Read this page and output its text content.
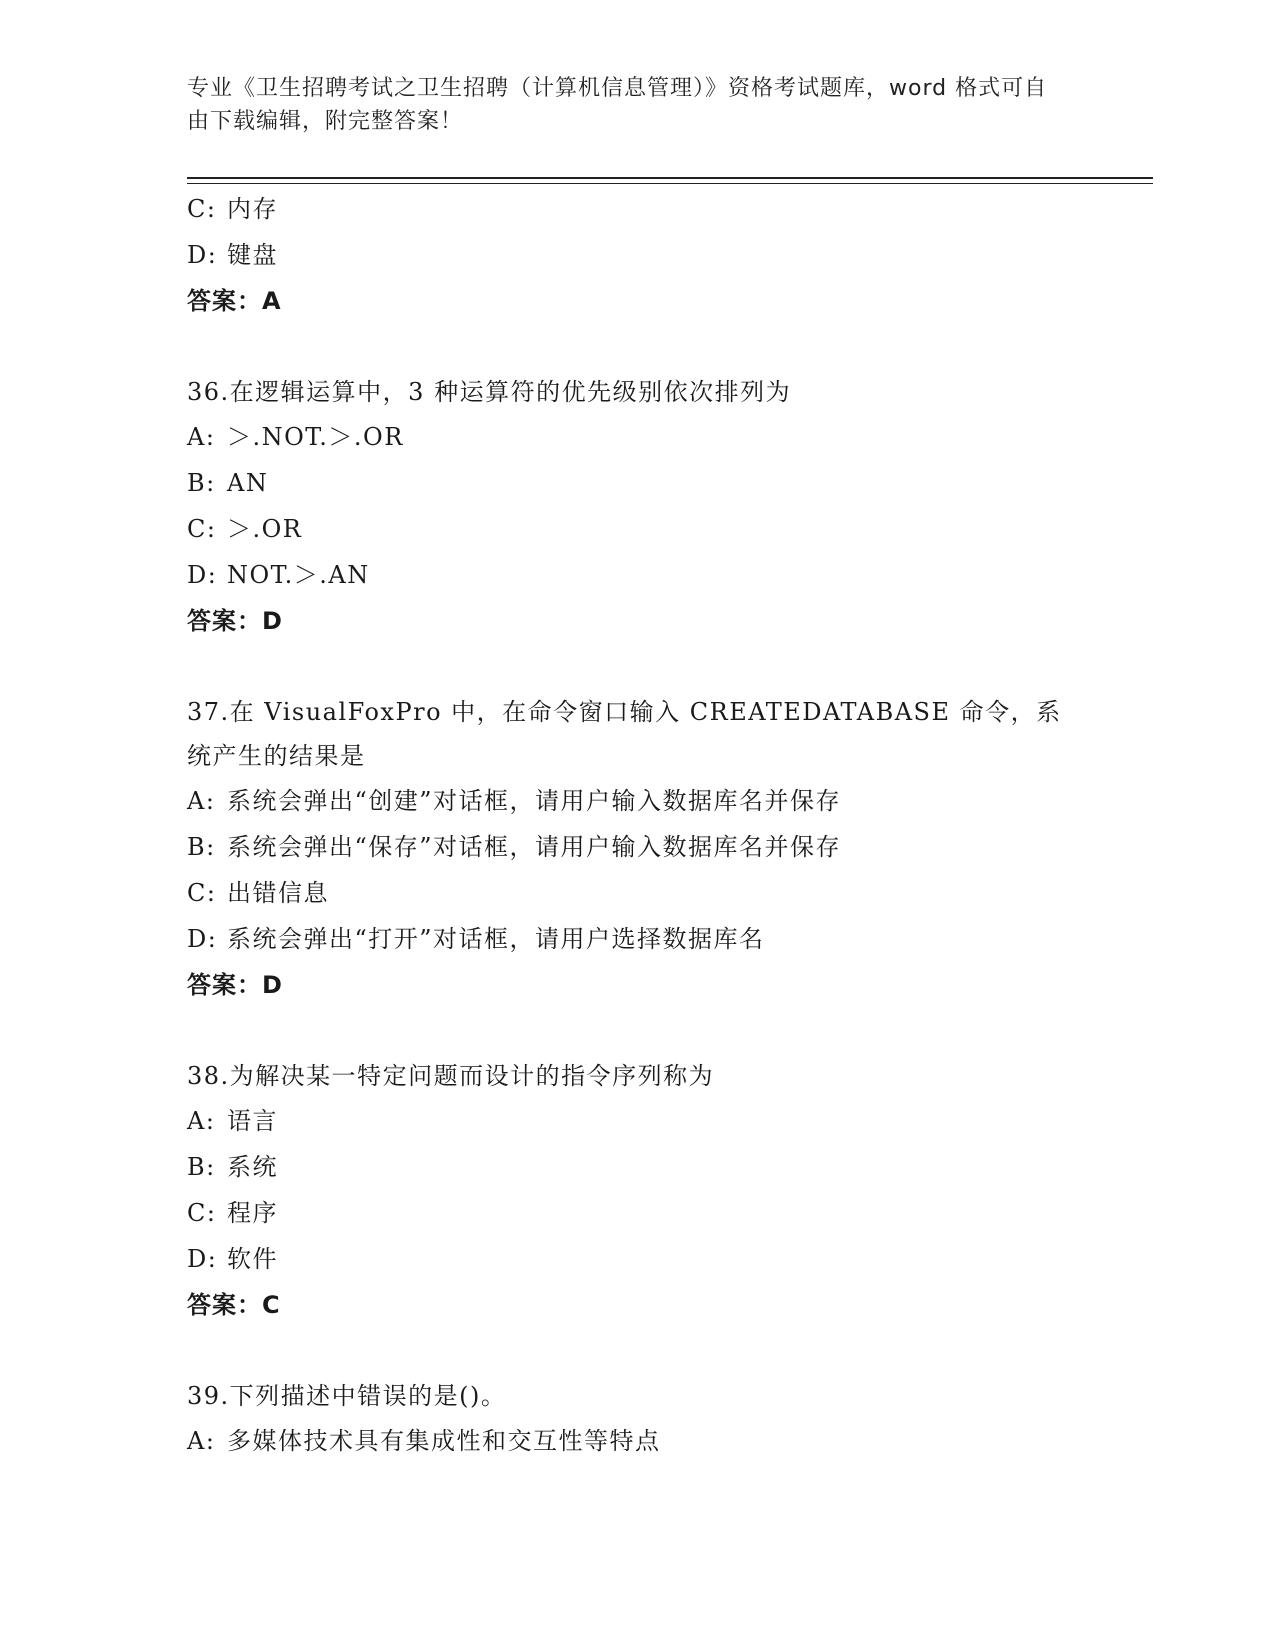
专业《卫生招聘考试之卫生招聘（计算机信息管理）》资格考试题库，word 格式可自由下载编辑，附完整答案！
C: 内存
D: 键盘
答案：A
36.在逻辑运算中，3 种运算符的优先级别依次排列为
A: ＞.NOT.＞.OR
B: AN
C: ＞.OR
D: NOT.＞.AN
答案：D
37.在 VisualFoxPro 中，在命令窗口输入 CREATEDATABASE 命令，系统产生的结果是
A: 系统会弹出“创建”对话框，请用户输入数据库名并保存
B: 系统会弹出“保存”对话框，请用户输入数据库名并保存
C: 出错信息
D: 系统会弹出“打开”对话框，请用户选择数据库名
答案：D
38.为解决某一特定问题而设计的指令序列称为
A: 语言
B: 系统
C: 程序
D: 软件
答案：C
39.下列描述中错误的是()。
A: 多媒体技术具有集成性和交互性等特点
